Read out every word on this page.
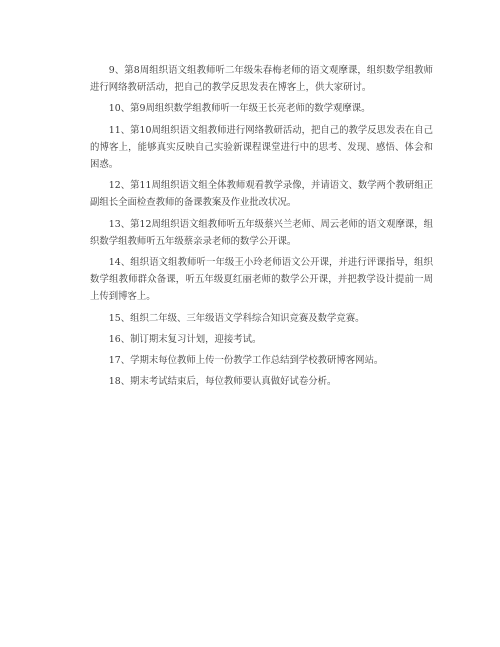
9、第8周组织语文组教师听二年级朱春梅老师的语文观摩课，组织数学组教师进行网络教研活动，把自己的教学反思发表在博客上，供大家研讨。

10、第9周组织数学组教师听一年级王长亮老师的数学观摩课。

11、第10周组织语文组教师进行网络教研活动，把自己的教学反思发表在自己的博客上，能够真实反映自己实验新课程课堂进行中的思考、发现、感悟、体会和困惑。

12、第11周组织语文组全体教师观看教学录像，并请语文、数学两个教研组正副组长全面检查教师的备课教案及作业批改状况。

13、第12周组织语文组教师听五年级蔡兴兰老师、周云老师的语文观摩课，组织数学组教师听五年级蔡亲录老师的数学公开课。

14、组织语文组教师听一年级王小玲老师语文公开课，并进行评课指导，组织数学组教师群众备课，听五年级夏红丽老师的数学公开课，并把教学设计提前一周上传到博客上。

15、组织二年级、三年级语文学科综合知识竞赛及数学竞赛。

16、制订期末复习计划，迎接考试。

17、学期末每位教师上传一份教学工作总结到学校教研博客网站。

18、期末考试结束后，每位教师要认真做好试卷分析。
